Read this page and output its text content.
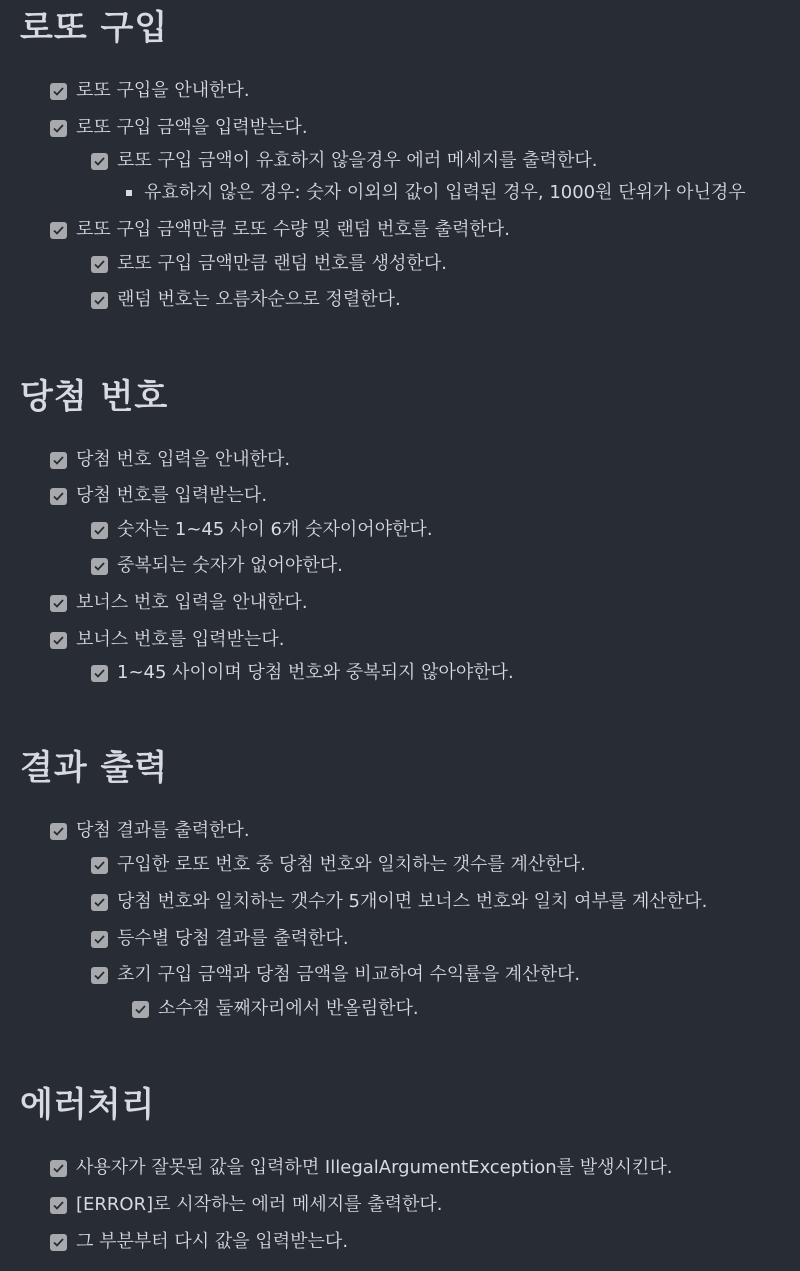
로또 구입
로또 구입을 안내한다.
로또 구입 금액을 입력받는다.
로또 구입 금액이 유효하지 않을경우 에러 메세지를 출력한다.
유효하지 않은 경우: 숫자 이외의 값이 입력된 경우, 1000원 단위가 아닌경우
로또 구입 금액만큼 로또 수량 및 랜덤 번호를 출력한다.
로또 구입 금액만큼 랜덤 번호를 생성한다.
랜덤 번호는 오름차순으로 정렬한다.
당첨 번호
당첨 번호 입력을 안내한다.
당첨 번호를 입력받는다.
숫자는 1~45 사이 6개 숫자이어야한다.
중복되는 숫자가 없어야한다.
보너스 번호 입력을 안내한다.
보너스 번호를 입력받는다.
1~45 사이이며 당첨 번호와 중복되지 않아야한다.
결과 출력
당첨 결과를 출력한다.
구입한 로또 번호 중 당첨 번호와 일치하는 갯수를 계산한다.
당첨 번호와 일치하는 갯수가 5개이면 보너스 번호와 일치 여부를 계산한다.
등수별 당첨 결과를 출력한다.
초기 구입 금액과 당첨 금액을 비교하여 수익률을 계산한다.
소수점 둘째자리에서 반올림한다.
에러처리
사용자가 잘못된 값을 입력하면 IllegalArgumentException를 발생시킨다.
[ERROR]로 시작하는 에러 메세지를 출력한다.
그 부분부터 다시 값을 입력받는다.
